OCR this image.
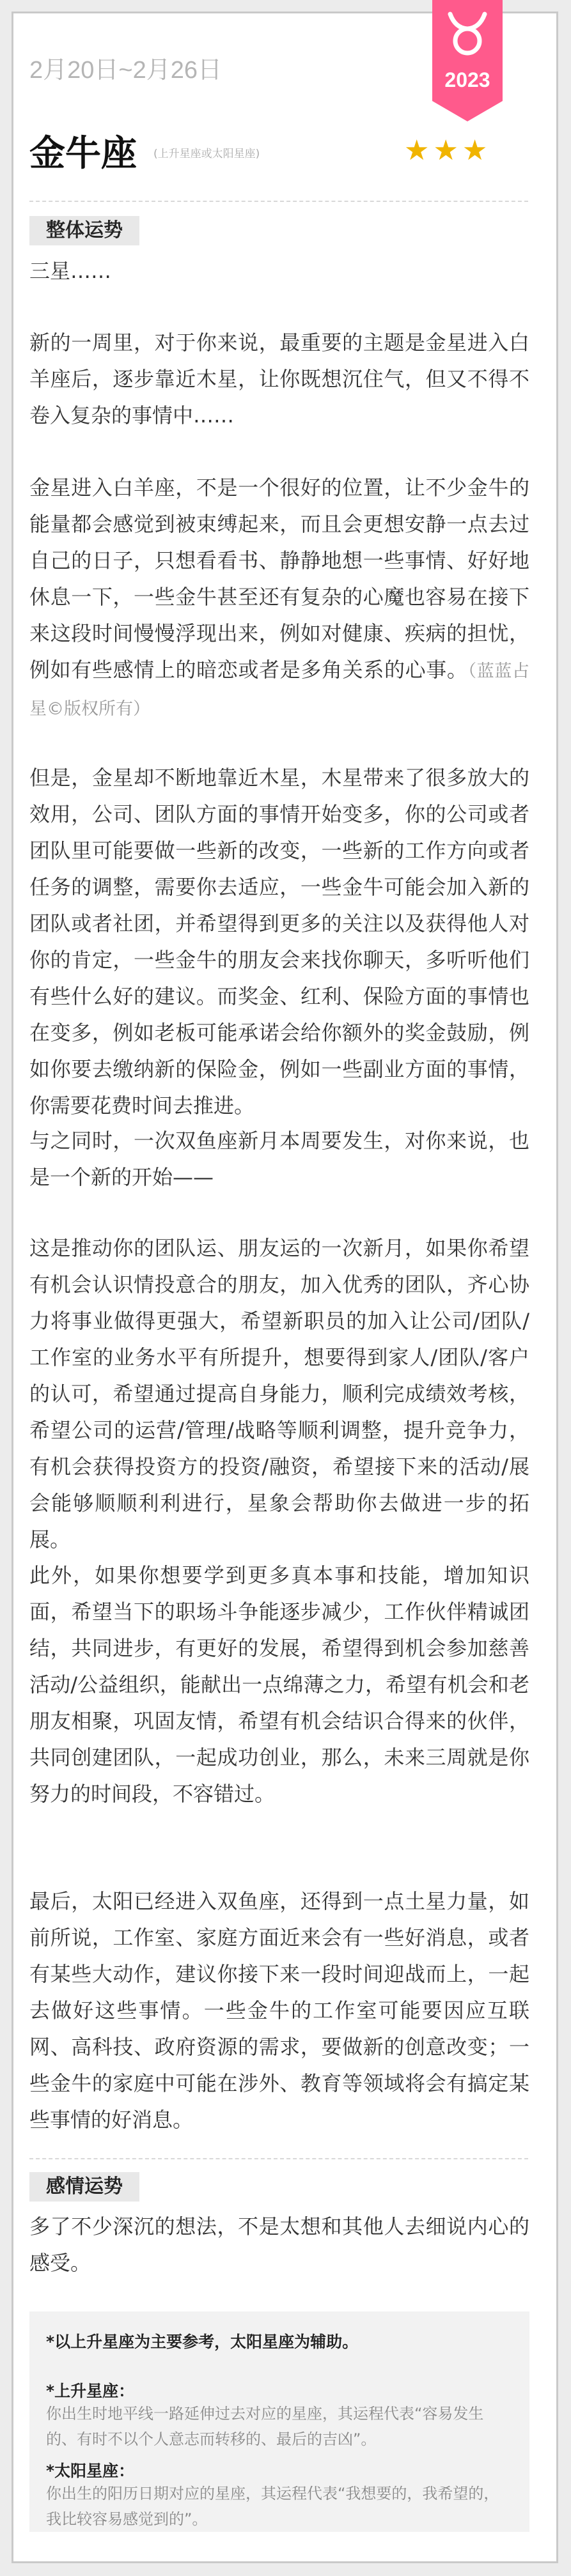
2023
2月20日~2月26日
金牛座 (上升星座或太阳星座)	★★★
整体运势

三星……

新的一周里，对于你来说，最重要的主题是金星进入白羊座后，逐步靠近木星，让你既想沉住气，但又不得不卷入复杂的事情中……

金星进入白羊座，不是一个很好的位置，让不少金牛的能量都会感觉到被束缚起来，而且会更想安静一点去过自己的日子，只想看看书、静静地想一些事情、好好地休息一下，一些金牛甚至还有复杂的心魔也容易在接下来这段时间慢慢浮现出来，例如对健康、疾病的担忧，例如有些感情上的暗恋或者是多角关系的心事。（蓝蓝占星©版权所有）

但是，金星却不断地靠近木星，木星带来了很多放大的效用，公司、团队方面的事情开始变多，你的公司或者团队里可能要做一些新的改变，一些新的工作方向或者任务的调整，需要你去适应，一些金牛可能会加入新的团队或者社团，并希望得到更多的关注以及获得他人对你的肯定，一些金牛的朋友会来找你聊天，多听听他们有些什么好的建议。而奖金、红利、保险方面的事情也在变多，例如老板可能承诺会给你额外的奖金鼓励，例如你要去缴纳新的保险金，例如一些副业方面的事情，你需要花费时间去推进。

与之同时，一次双鱼座新月本周要发生，对你来说，也是一个新的开始——

这是推动你的团队运、朋友运的一次新月，如果你希望有机会认识情投意合的朋友，加入优秀的团队，齐心协力将事业做得更强大，希望新职员的加入让公司/团队/工作室的业务水平有所提升，想要得到家人/团队/客户的认可，希望通过提高自身能力，顺利完成绩效考核，希望公司的运营/管理/战略等顺利调整，提升竞争力，有机会获得投资方的投资/融资，希望接下来的活动/展会能够顺顺利利进行，星象会帮助你去做进一步的拓展。

此外，如果你想要学到更多真本事和技能，增加知识面，希望当下的职场斗争能逐步减少，工作伙伴精诚团结，共同进步，有更好的发展，希望得到机会参加慈善活动/公益组织，能献出一点绵薄之力，希望有机会和老朋友相聚，巩固友情，希望有机会结识合得来的伙伴，共同创建团队，一起成功创业，那么，未来三周就是你努力的时间段，不容错过。

最后，太阳已经进入双鱼座，还得到一点土星力量，如前所说，工作室、家庭方面近来会有一些好消息，或者有某些大动作，建议你接下来一段时间迎战而上，一起去做好这些事情。一些金牛的工作室可能要因应互联网、高科技、政府资源的需求，要做新的创意改变；一些金牛的家庭中可能在涉外、教育等领域将会有搞定某些事情的好消息。

感情运势

多了不少深沉的想法，不是太想和其他人去细说内心的感受。

*以上升星座为主要参考，太阳星座为辅助。
*上升星座：

你出生时地平线一路延伸过去对应的星座，其运程代表“容易发生的、有时不以个人意志而转移的、最后的吉凶”。

*太阳星座：

你出生的阳历日期对应的星座，其运程代表“我想要的，我希望的，我比较容易感觉到的”。
